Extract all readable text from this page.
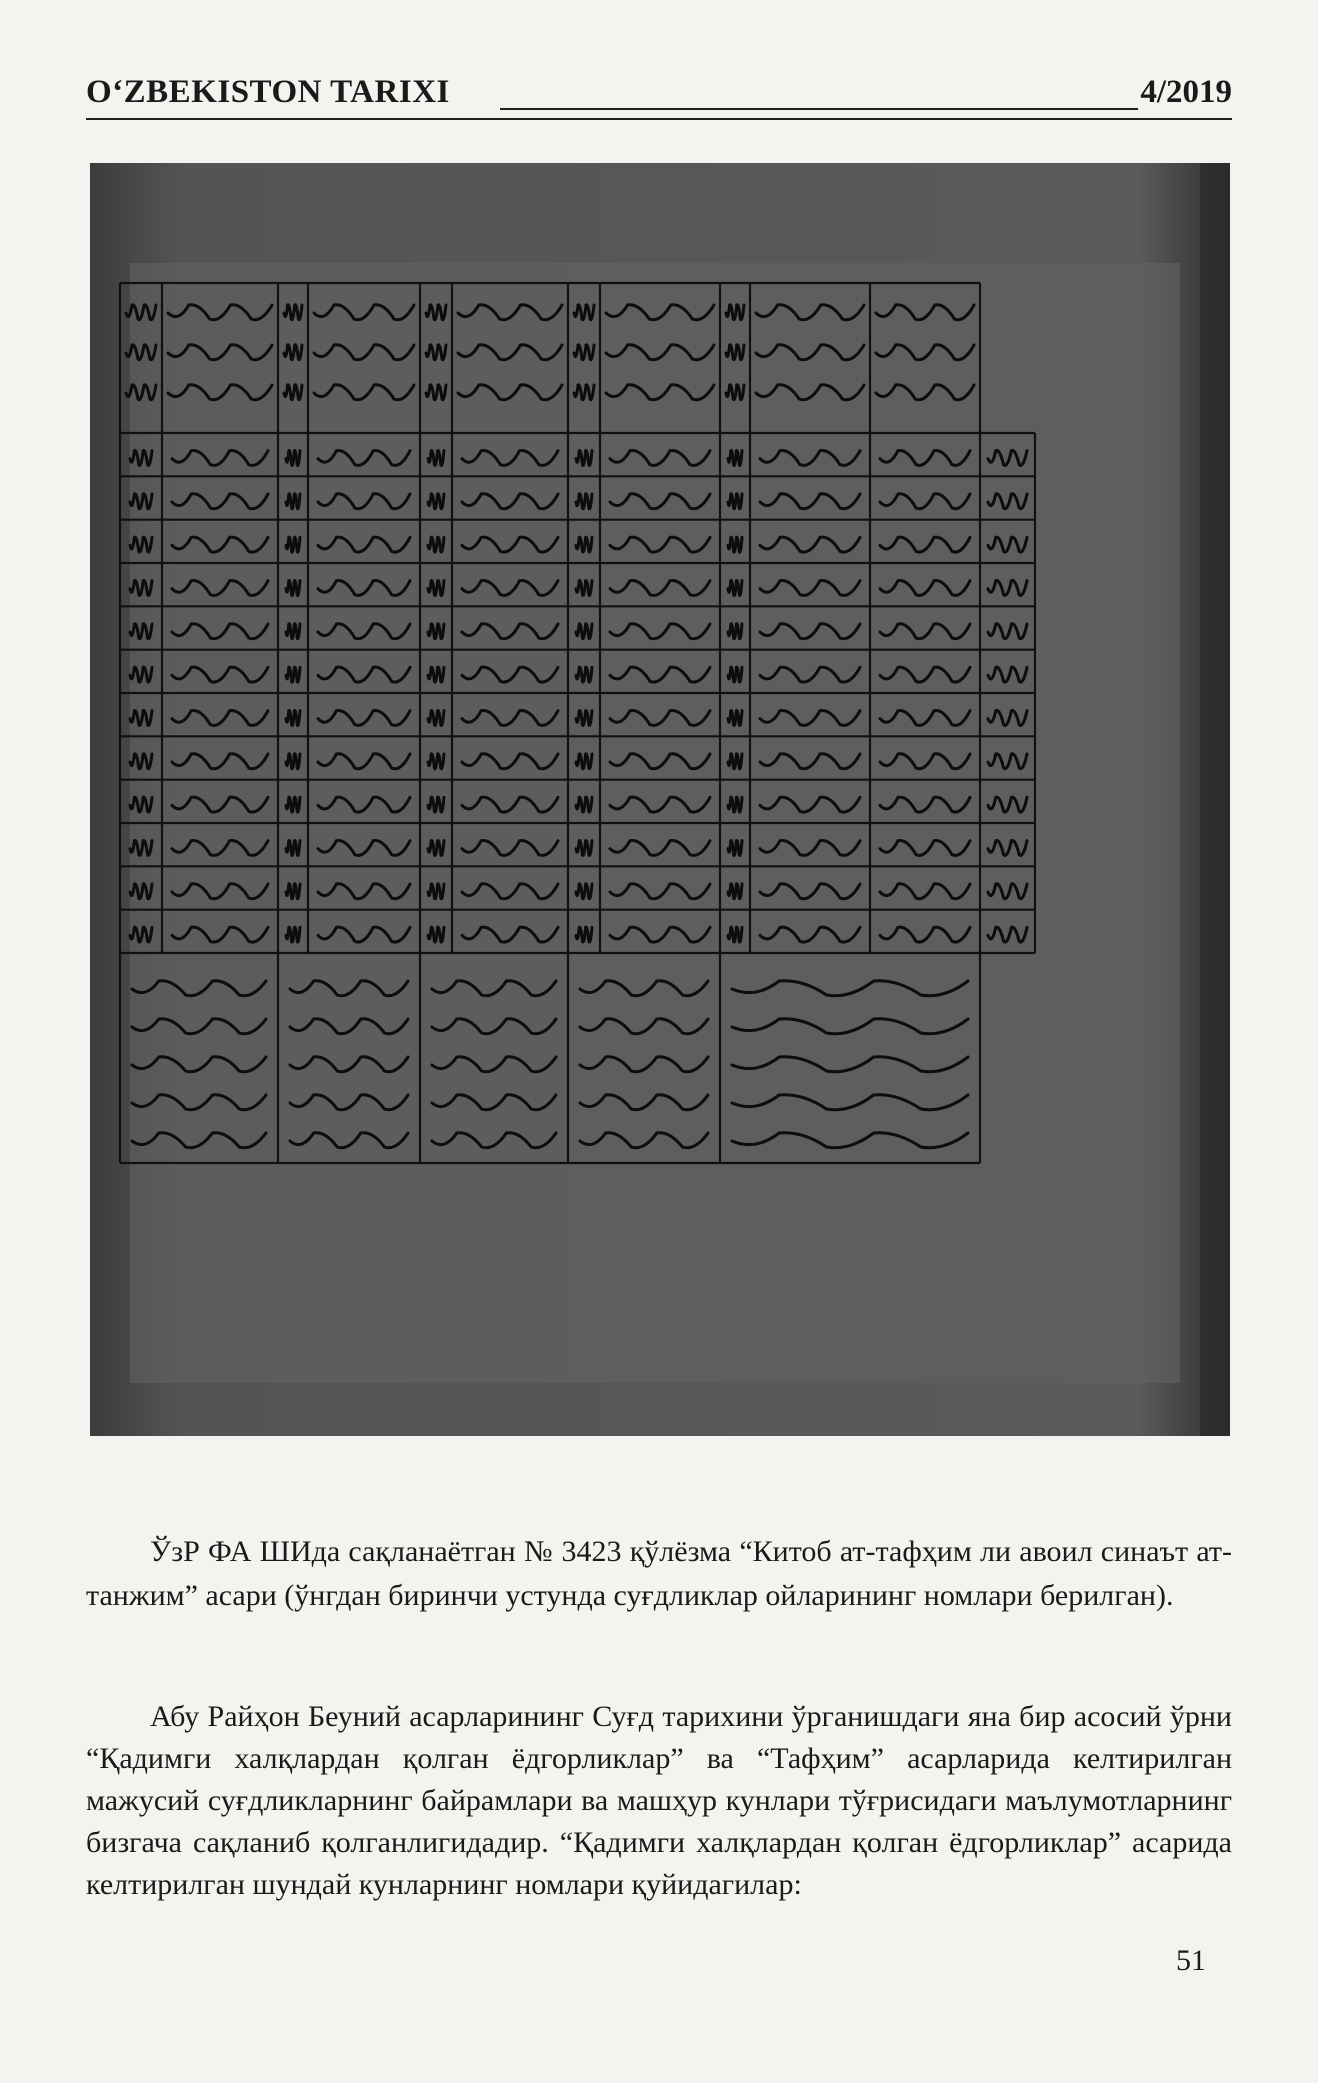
O‘ZBEKISTON TARIXI	4/2019
ЎзР ФА ШИда сақланаётган № 3423 қўлёзма “Китоб ат-тафҳим ли авоил синаът ат-танжим” асари (ўнгдан биринчи устунда суғдликлар ойларининг номлари берилган).
Абу Райҳон Беуний асарларининг Суғд тарихини ўрганишдаги яна бир асосий ўрни “Қадимги халқлардан қолган ёдгорликлар” ва “Тафҳим” асарларида келтирилган мажусий суғдликларнинг байрамлари ва машҳур кунлари тўғрисидаги маълумотларнинг бизгача сақланиб қолганлигидадир. “Қадимги халқлардан қолган ёдгорликлар” асарида келтирилган шундай кунларнинг номлари қуйидагилар:
51
